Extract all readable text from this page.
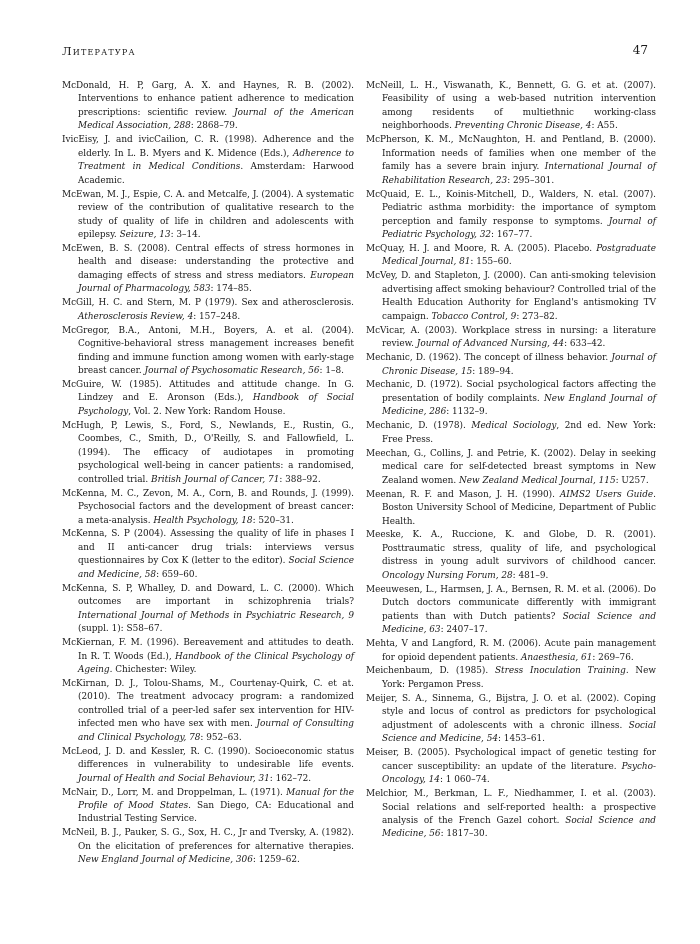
Литература	47

McDonald, H. P, Garg, A. X. and Haynes, R. B. (2002). Interventions to enhance patient adherence to medication prescriptions: scientific review. Journal of the American Medical Association, 288: 2868–79.

IvicEisy, J. and ivicCailion, C. R. (1998). Adherence and the elderly. In L. B. Myers and K. Midence (Eds.), Adherence to Treatment in Medical Conditions. Amsterdam: Harwood Academic.

McEwan, M. J., Espie, C. A. and Metcalfe, J. (2004). A systematic review of the contribution of qualitative research to the study of quality of life in children and adolescents with epilepsy. Seizure, 13: 3–14.

McEwen, B. S. (2008). Central effects of stress hormones in health and disease: understanding the protective and damaging effects of stress and stress mediators. European Journal of Pharmacology, 583: 174–85.

McGill, H. C. and Stern, M. P (1979). Sex and atherosclerosis. Atherosclerosis Review, 4: 157–248.

McGregor, B.A., Antoni, M.H., Boyers, A. et al. (2004). Cognitive-behavioral stress management increases benefit finding and immune function among women with early-stage breast cancer. Journal of Psychosomatic Research, 56: 1–8.

McGuire, W. (1985). Attitudes and attitude change. In G. Lindzey and E. Aronson (Eds.), Handbook of Social Psychology, Vol. 2. New York: Random House.

McHugh, P, Lewis, S., Ford, S., Newlands, E., Rustin, G., Coombes, C., Smith, D., O'Reilly, S. and Fallowfield, L. (1994). The efficacy of audiotapes in promoting psychological well-being in cancer patients: a randomised, controlled trial. British Journal of Cancer, 71: 388–92.

McKenna, M. C., Zevon, M. A., Corn, B. and Rounds, J. (1999). Psychosocial factors and the development of breast cancer: a meta-analysis. Health Psychology, 18: 520–31.

McKenna, S. P (2004). Assessing the quality of life in phases I and II anti-cancer drug trials: interviews versus questionnaires by Cox K (letter to the editor). Social Science and Medicine, 58: 659–60.

McKenna, S. P, Whalley, D. and Doward, L. C. (2000). Which outcomes are important in schizophrenia trials? International Journal of Methods in Psychiatric Research, 9 (suppl. 1): S58–67.

McKiernan, F. M. (1996). Bereavement and attitudes to death. In R. T. Woods (Ed.), Handbook of the Clinical Psychology of Ageing. Chichester: Wiley.

McKirnan, D. J., Tolou-Shams, M., Courtenay-Quirk, C. et at. (2010). The treatment advocacy program: a randomized controlled trial of a peer-led safer sex intervention for HIV- infected men who have sex with men. Journal of Consulting and Clinical Psychology, 78: 952–63.

McLeod, J. D. and Kessler, R. C. (1990). Socioeconomic status differences in vulnerability to undesirable life events. Journal of Health and Social Behaviour, 31: 162–72.

McNair, D., Lorr, M. and Droppelman, L. (1971). Manual for the Profile of Mood States. San Diego, CA: Educational and Industrial Testing Service.

McNeil, B. J., Pauker, S. G., Sox, H. C., Jr and Tversky, A. (1982). On the elicitation of preferences for alternative therapies. New England Journal of Medicine, 306: 1259–62.

McNeill, L. H., Viswanath, K., Bennett, G. G. et at. (2007). Feasibility of using a web-based nutrition intervention among residents of multiethnic working-class neighborhoods. Preventing Chronic Disease, 4: A55.

McPherson, K. M., McNaughton, H. and Pentland, B. (2000). Information needs of families when one member of the family has a severe brain injury. International Journal of Rehabilitation Research, 23: 295–301.

McQuaid, E. L., Koinis-Mitchell, D., Walders, N. etal. (2007). Pediatric asthma morbidity: the importance of symptom perception and family response to symptoms. Journal of Pediatric Psychology, 32: 167–77.

McQuay, H. J. and Moore, R. A. (2005). Placebo. Postgraduate Medical Journal, 81: 155–60.

McVey, D. and Stapleton, J. (2000). Can anti-smoking television advertising affect smoking behaviour? Controlled trial of the Health Education Authority for England's antismoking TV campaign. Tobacco Control, 9: 273–82.

McVicar, A. (2003). Workplace stress in nursing: a literature review. Journal of Advanced Nursing, 44: 633–42.

Mechanic, D. (1962). The concept of illness behavior. Journal of Chronic Disease, 15: 189–94.

Mechanic, D. (1972). Social psychological factors affecting the presentation of bodily complaints. New England Journal of Medicine, 286: 1132–9.

Mechanic, D. (1978). Medical Sociology, 2nd ed. New York: Free Press.

Meechan, G., Collins, J. and Petrie, K. (2002). Delay in seeking medical care for self-detected breast symptoms in New Zealand women. New Zealand Medical Journal, 115: U257.

Meenan, R. F. and Mason, J. H. (1990). AIMS2 Users Guide. Boston University School of Medicine, Department of Public Health.

Meeske, K. A., Ruccione, K. and Globe, D. R. (2001). Posttraumatic stress, quality of life, and psychological distress in young adult survivors of childhood cancer. Oncology Nursing Forum, 28: 481–9.

Meeuwesen, L., Harmsen, J. A., Bernsen, R. M. et al. (2006). Do Dutch doctors communicate differently with immigrant patients than with Dutch patients? Social Science and Medicine, 63: 2407–17.

Mehta, V and Langford, R. M. (2006). Acute pain management for opioid dependent patients. Anaesthesia, 61: 269–76.

Meichenbaum, D. (1985). Stress Inoculation Training. New York: Pergamon Press.

Meijer, S. A., Sinnema, G., Bijstra, J. O. et al. (2002). Coping style and locus of control as predictors for psychological adjustment of adolescents with a chronic illness. Social Science and Medicine, 54: 1453–61.

Meiser, B. (2005). Psychological impact of genetic testing for cancer susceptibility: an update of the literature. Psycho-Oncology, 14: 1 060–74.

Melchior, M., Berkman, L. F., Niedhammer, I. et al. (2003). Social relations and self-reported health: a prospective analysis of the French Gazel cohort. Social Science and Medicine, 56: 1817–30.
